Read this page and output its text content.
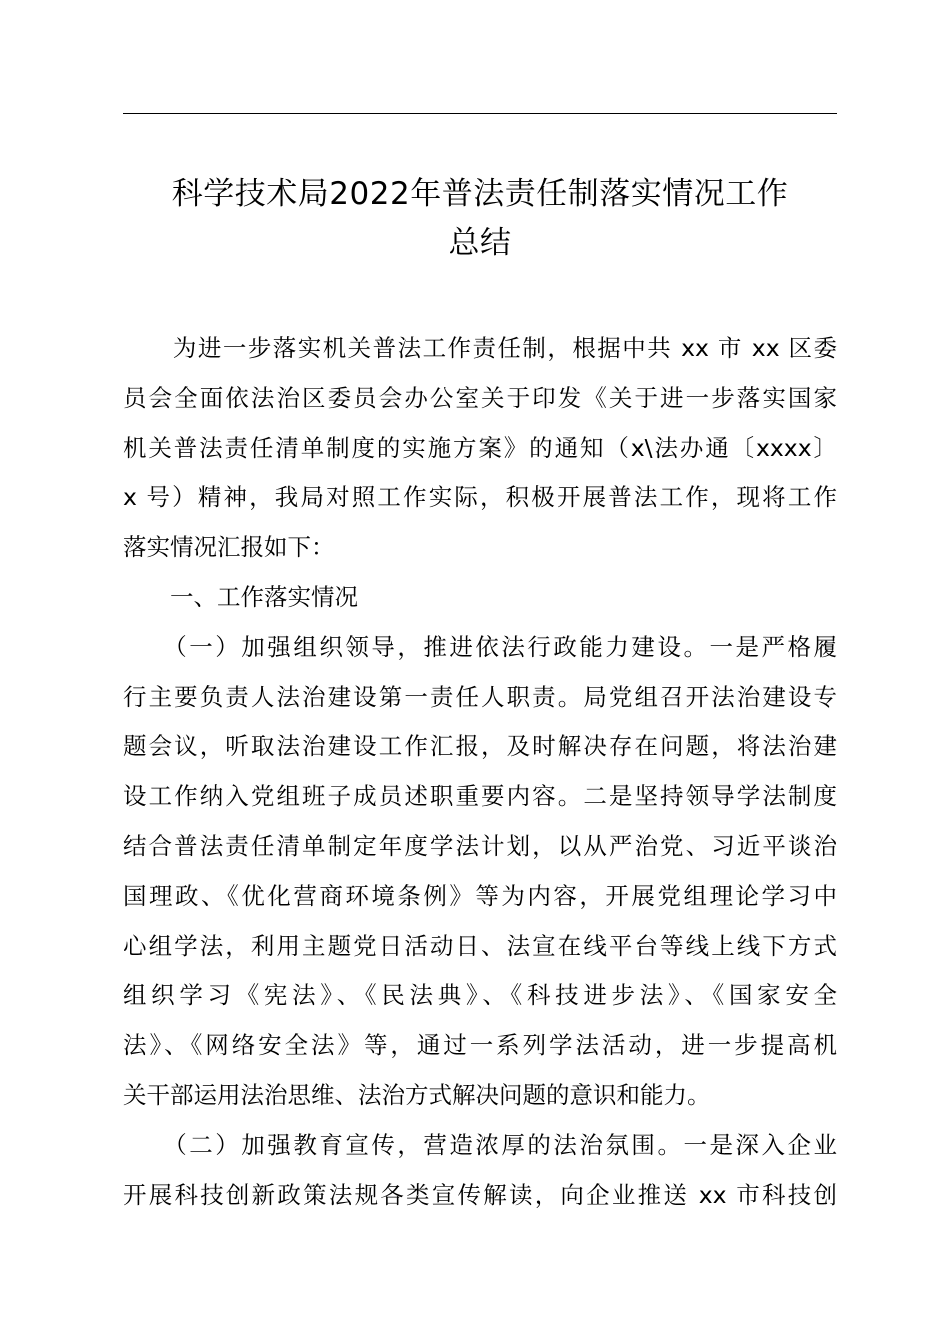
科学技术局2022年普法责任制落实情况工作
总结
　　为进一步落实机关普法工作责任制，根据中共 xx 市 xx 区委
员会全面依法治区委员会办公室关于印发《关于进一步落实国家
机关普法责任清单制度的实施方案》的通知（x\法办通〔xxxx〕
x 号）精神，我局对照工作实际，积极开展普法工作，现将工作
落实情况汇报如下：
　　一、工作落实情况
　　（一）加强组织领导，推进依法行政能力建设。一是严格履
行主要负责人法治建设第一责任人职责。局党组召开法治建设专
题会议，听取法治建设工作汇报，及时解决存在问题，将法治建
设工作纳入党组班子成员述职重要内容。二是坚持领导学法制度
结合普法责任清单制定年度学法计划，以从严治党、习近平谈治
国理政、《优化营商环境条例》等为内容，开展党组理论学习中
心组学法，利用主题党日活动日、法宣在线平台等线上线下方式
组织学习《宪法》、《民法典》、《科技进步法》、《国家安全
法》、《网络安全法》等，通过一系列学法活动，进一步提高机
关干部运用法治思维、法治方式解决问题的意识和能力。
　　（二）加强教育宣传，营造浓厚的法治氛围。一是深入企业
开展科技创新政策法规各类宣传解读，向企业推送 xx 市科技创
